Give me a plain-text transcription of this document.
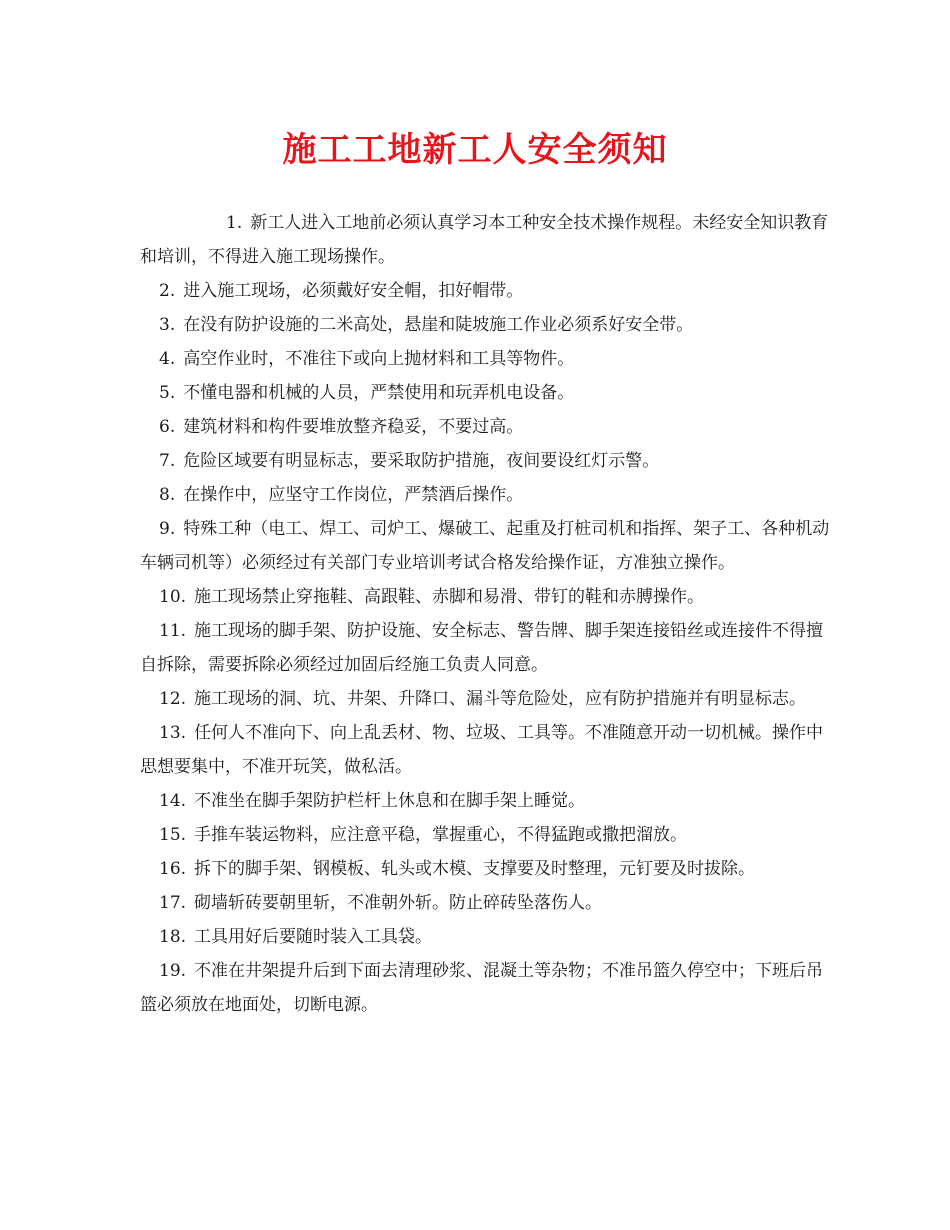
施工工地新工人安全须知

1. 新工人进入工地前必须认真学习本工种安全技术操作规程。未经安全知识教育和培训，不得进入施工现场操作。

2. 进入施工现场，必须戴好安全帽，扣好帽带。

3. 在没有防护设施的二米高处，悬崖和陡坡施工作业必须系好安全带。

4. 高空作业时，不准往下或向上抛材料和工具等物件。

5. 不懂电器和机械的人员，严禁使用和玩弄机电设备。

6. 建筑材料和构件要堆放整齐稳妥，不要过高。

7. 危险区域要有明显标志，要采取防护措施，夜间要设红灯示警。

8. 在操作中，应坚守工作岗位，严禁酒后操作。

9. 特殊工种（电工、焊工、司炉工、爆破工、起重及打桩司机和指挥、架子工、各种机动车辆司机等）必须经过有关部门专业培训考试合格发给操作证，方准独立操作。

10. 施工现场禁止穿拖鞋、高跟鞋、赤脚和易滑、带钉的鞋和赤膊操作。

11. 施工现场的脚手架、防护设施、安全标志、警告牌、脚手架连接铅丝或连接件不得擅自拆除，需要拆除必须经过加固后经施工负责人同意。

12. 施工现场的洞、坑、井架、升降口、漏斗等危险处，应有防护措施并有明显标志。

13. 任何人不准向下、向上乱丢材、物、垃圾、工具等。不准随意开动一切机械。操作中思想要集中，不准开玩笑，做私活。

14. 不准坐在脚手架防护栏杆上休息和在脚手架上睡觉。

15. 手推车装运物料，应注意平稳，掌握重心，不得猛跑或撒把溜放。

16. 拆下的脚手架、钢模板、轧头或木模、支撑要及时整理，元钉要及时拔除。

17. 砌墙斩砖要朝里斩，不准朝外斩。防止碎砖坠落伤人。

18. 工具用好后要随时装入工具袋。

19. 不准在井架提升后到下面去清理砂浆、混凝土等杂物；不准吊篮久停空中；下班后吊篮必须放在地面处，切断电源。
